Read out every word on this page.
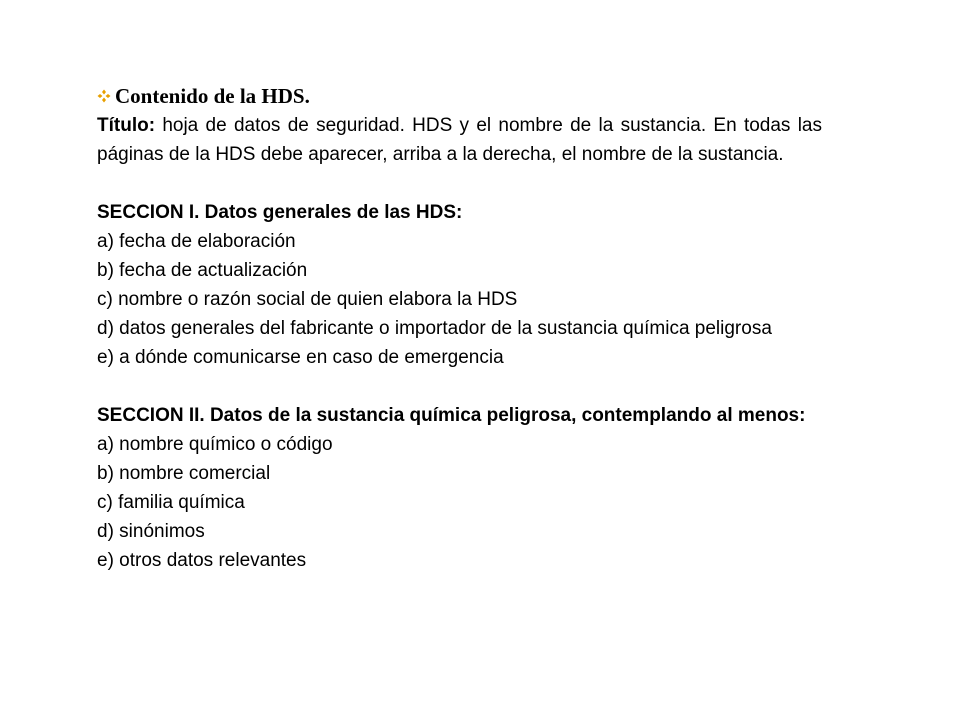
Contenido de la HDS.

Título: hoja de datos de seguridad. HDS y el nombre de la sustancia. En todas las páginas de la HDS debe aparecer, arriba a la derecha, el nombre de la sustancia.

SECCION I. Datos generales de las HDS:

a) fecha de elaboración
b) fecha de actualización
c) nombre o razón social de quien elabora la HDS
d) datos generales del fabricante o importador de la sustancia química peligrosa
e) a dónde comunicarse en caso de emergencia

SECCION II. Datos de la sustancia química peligrosa, contemplando al menos:

a) nombre químico o código
b) nombre comercial
c) familia química
d) sinónimos
e) otros datos relevantes
